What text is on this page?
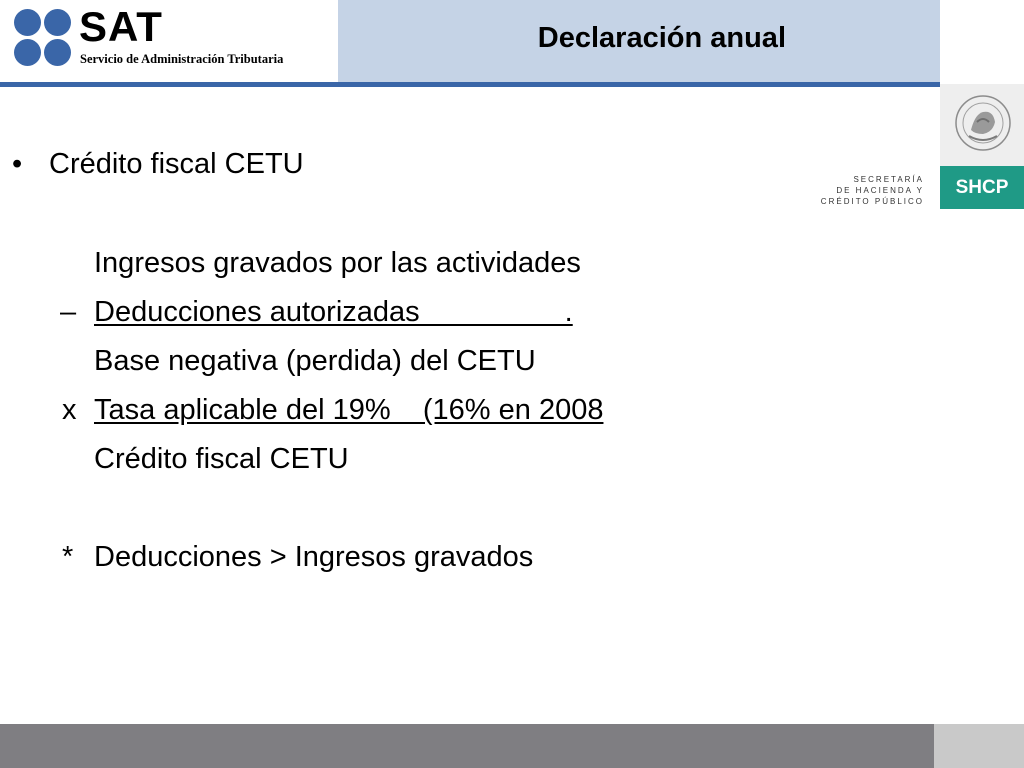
SAT
Servicio de Administración Tributaria
Declaración anual
SECRETARÍA
DE HACIENDA Y
CRÉDITO PÚBLICO
SHCP
• Crédito fiscal CETU
Ingresos gravados por las actividades
– Deducciones autorizadas                  .
Base negativa (perdida) del CETU
x Tasa aplicable del 19%    (16% en 2008
Crédito fiscal CETU
* Deducciones > Ingresos gravados
